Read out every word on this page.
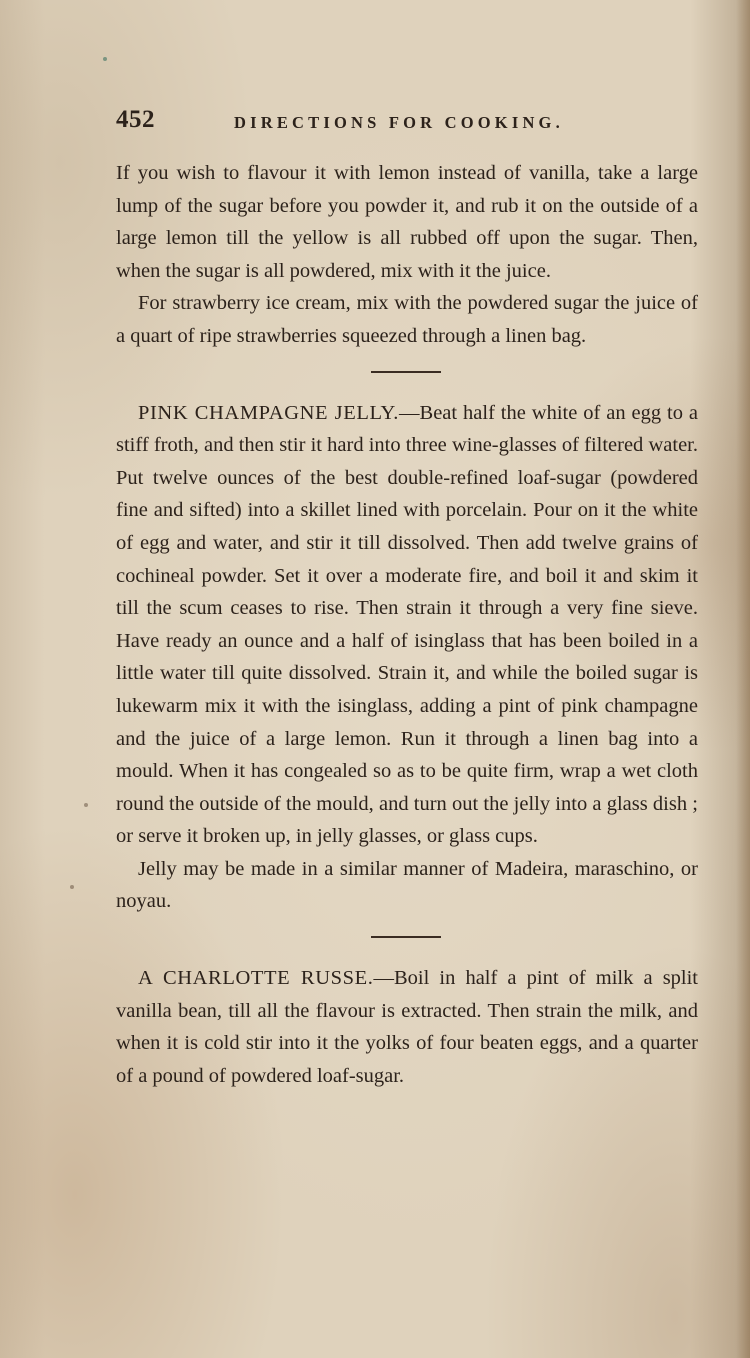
452	DIRECTIONS FOR COOKING.

If you wish to flavour it with lemon instead of vanilla, take a large lump of the sugar before you powder it, and rub it on the outside of a large lemon till the yellow is all rubbed off upon the sugar. Then, when the sugar is all powdered, mix with it the juice.

For strawberry ice cream, mix with the powdered sugar the juice of a quart of ripe strawberries squeezed through a linen bag.

PINK CHAMPAGNE JELLY.—Beat half the white of an egg to a stiff froth, and then stir it hard into three wine-glasses of filtered water. Put twelve ounces of the best double-refined loaf-sugar (powdered fine and sifted) into a skillet lined with porcelain. Pour on it the white of egg and water, and stir it till dissolved. Then add twelve grains of cochineal powder. Set it over a moderate fire, and boil it and skim it till the scum ceases to rise. Then strain it through a very fine sieve. Have ready an ounce and a half of isinglass that has been boiled in a little water till quite dissolved. Strain it, and while the boiled sugar is lukewarm mix it with the isinglass, adding a pint of pink champagne and the juice of a large lemon. Run it through a linen bag into a mould. When it has congealed so as to be quite firm, wrap a wet cloth round the outside of the mould, and turn out the jelly into a glass dish ; or serve it broken up, in jelly glasses, or glass cups.

Jelly may be made in a similar manner of Madeira, maraschino, or noyau.

A CHARLOTTE RUSSE.—Boil in half a pint of milk a split vanilla bean, till all the flavour is extracted. Then strain the milk, and when it is cold stir into it the yolks of four beaten eggs, and a quarter of a pound of powdered loaf-sugar.
